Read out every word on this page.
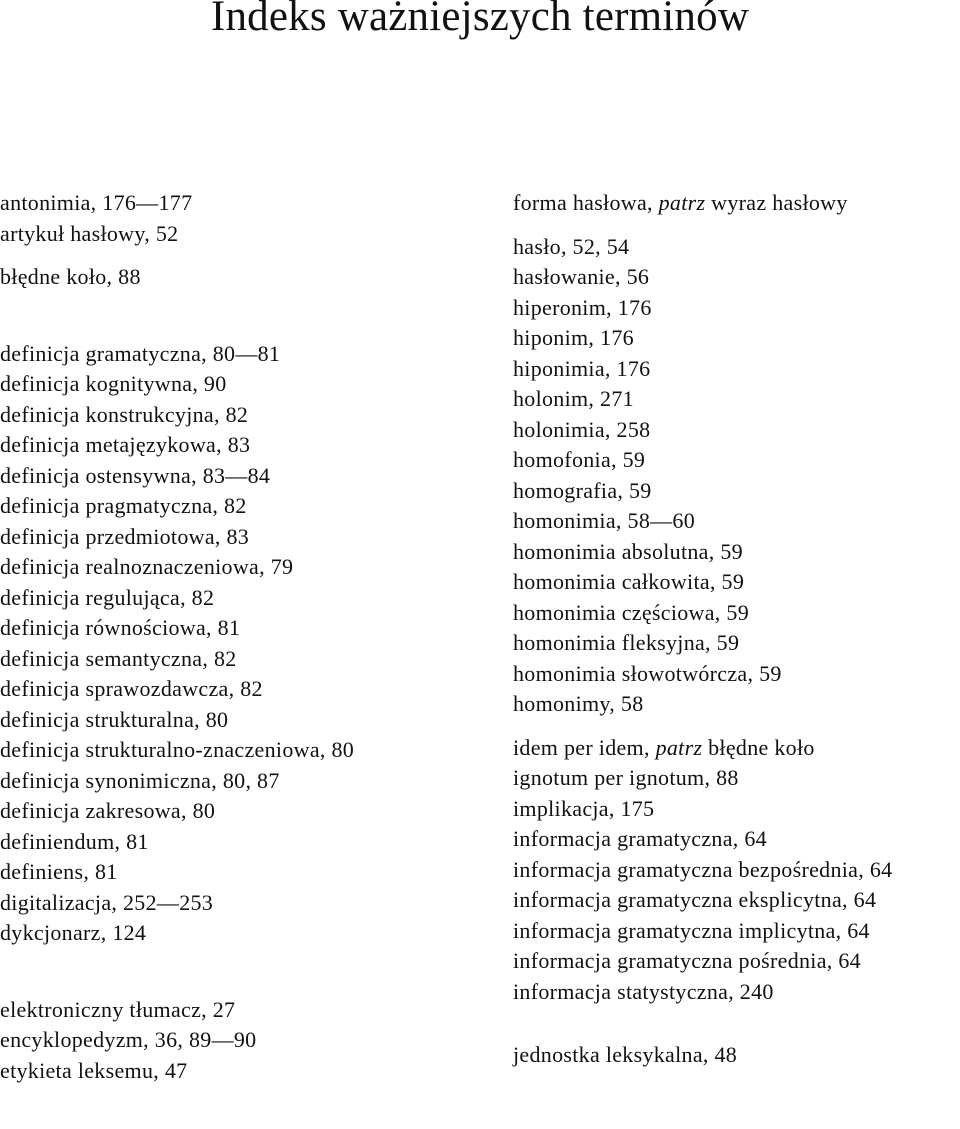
Indeks ważniejszych terminów
antonimia, 176—177
artykuł hasłowy, 52
błędne koło, 88
definicja gramatyczna, 80—81
definicja kognitywna, 90
definicja konstrukcyjna, 82
definicja metajęzykowa, 83
definicja ostensywna, 83—84
definicja pragmatyczna, 82
definicja przedmiotowa, 83
definicja realnoznaczeniowa, 79
definicja regulująca, 82
definicja równościowa, 81
definicja semantyczna, 82
definicja sprawozdawcza, 82
definicja strukturalna, 80
definicja strukturalno-znaczeniowa, 80
definicja synonimiczna, 80, 87
definicja zakresowa, 80
definiendum, 81
definiens, 81
digitalizacja, 252—253
dykcjonarz, 124
elektroniczny tłumacz, 27
encyklopedyzm, 36, 89—90
etykieta leksemu, 47
forma hasłowa, patrz wyraz hasłowy
hasło, 52, 54
hasłowanie, 56
hiperonim, 176
hiponim, 176
hiponimia, 176
holonim, 271
holonimia, 258
homofonia, 59
homografia, 59
homonimia, 58—60
homonimia absolutna, 59
homonimia całkowita, 59
homonimia częściowa, 59
homonimia fleksyjna, 59
homonimia słowotwórcza, 59
homonimy, 58
idem per idem, patrz błędne koło
ignotum per ignotum, 88
implikacja, 175
informacja gramatyczna, 64
informacja gramatyczna bezpośrednia, 64
informacja gramatyczna eksplicytna, 64
informacja gramatyczna implicytna, 64
informacja gramatyczna pośrednia, 64
informacja statystyczna, 240
jednostka leksykalna, 48
